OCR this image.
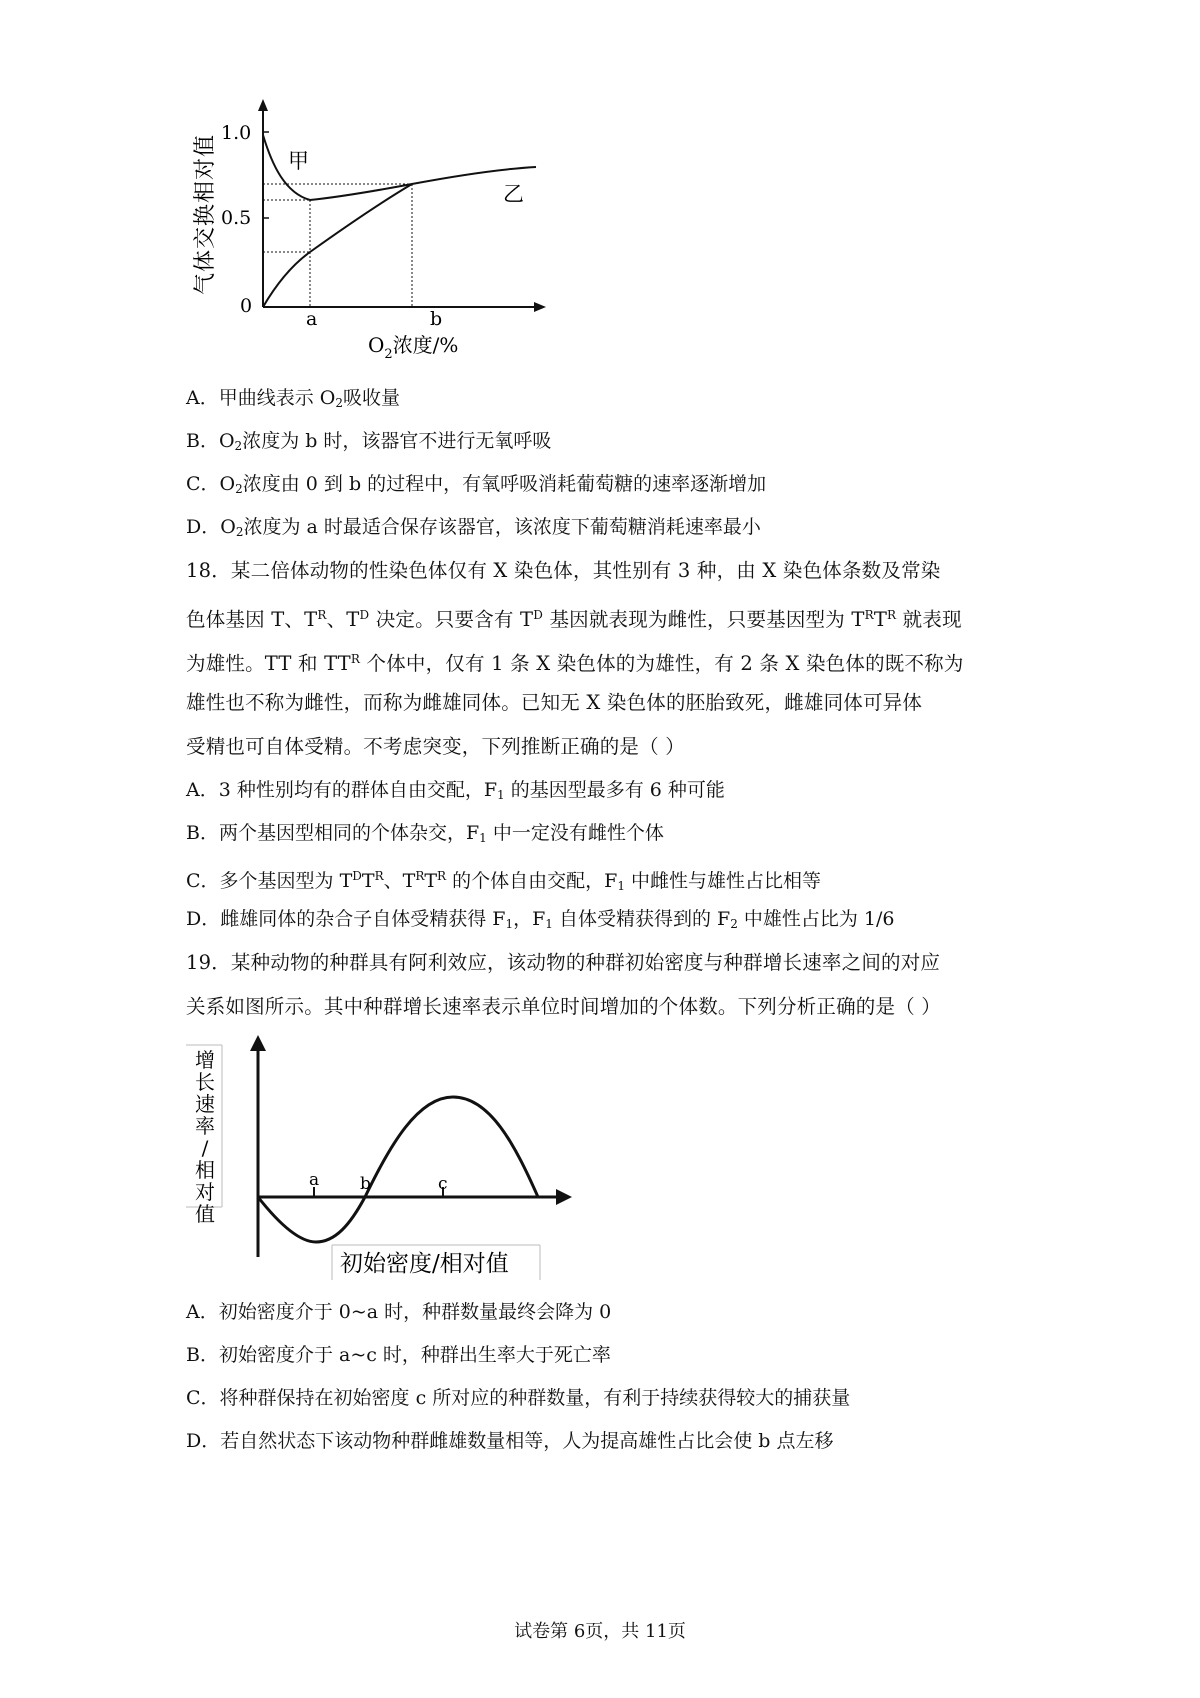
1.0
0.5
0
a	b
甲
乙
$O_2$浓度/%
气体交换相对值
A．甲曲线表示 $O_2$吸收量
B．$O_2$浓度为 b 时，该器官不进行无氧呼吸
C．$O_2$浓度由 0 到 b 的过程中，有氧呼吸消耗葡萄糖的速率逐渐增加
D．$O_2$浓度为 a 时最适合保存该器官，该浓度下葡萄糖消耗速率最小
18．某二倍体动物的性染色体仅有 X 染色体，其性别有 3 种，由 X 染色体条数及常染
色体基因 T、$T^R$、$T^D$ 决定。只要含有 $T^D$ 基因就表现为雌性，只要基因型为 $T^RT^R$ 就表现
为雄性。TT 和 $TT^R$ 个体中，仅有 1 条 X 染色体的为雄性，有 2 条 X 染色体的既不称为
雄性也不称为雌性，而称为雌雄同体。已知无 X 染色体的胚胎致死，雌雄同体可异体
受精也可自体受精。不考虑突变，下列推断正确的是（ ）
A．3 种性别均有的群体自由交配，$F_1$ 的基因型最多有 6 种可能
B．两个基因型相同的个体杂交，$F_1$ 中一定没有雌性个体
C．多个基因型为 $T^DT^R$、$T^RT^R$ 的个体自由交配，$F_1$ 中雌性与雄性占比相等
D．雌雄同体的杂合子自体受精获得 $F_1$，$F_1$ 自体受精获得到的 $F_2$ 中雄性占比为 1/6
19．某种动物的种群具有阿利效应，该动物的种群初始密度与种群增长速率之间的对应
关系如图所示。其中种群增长速率表示单位时间增加的个体数。下列分析正确的是（ ）
增
长
速
率
/
相
对
值
a b	c
初始密度/相对值
A．初始密度介于 0~a 时，种群数量最终会降为 0
B．初始密度介于 a~c 时，种群出生率大于死亡率
C．将种群保持在初始密度 c 所对应的种群数量，有利于持续获得较大的捕获量
D．若自然状态下该动物种群雌雄数量相等，人为提高雄性占比会使 b 点左移
试卷第 6页，共 11页
